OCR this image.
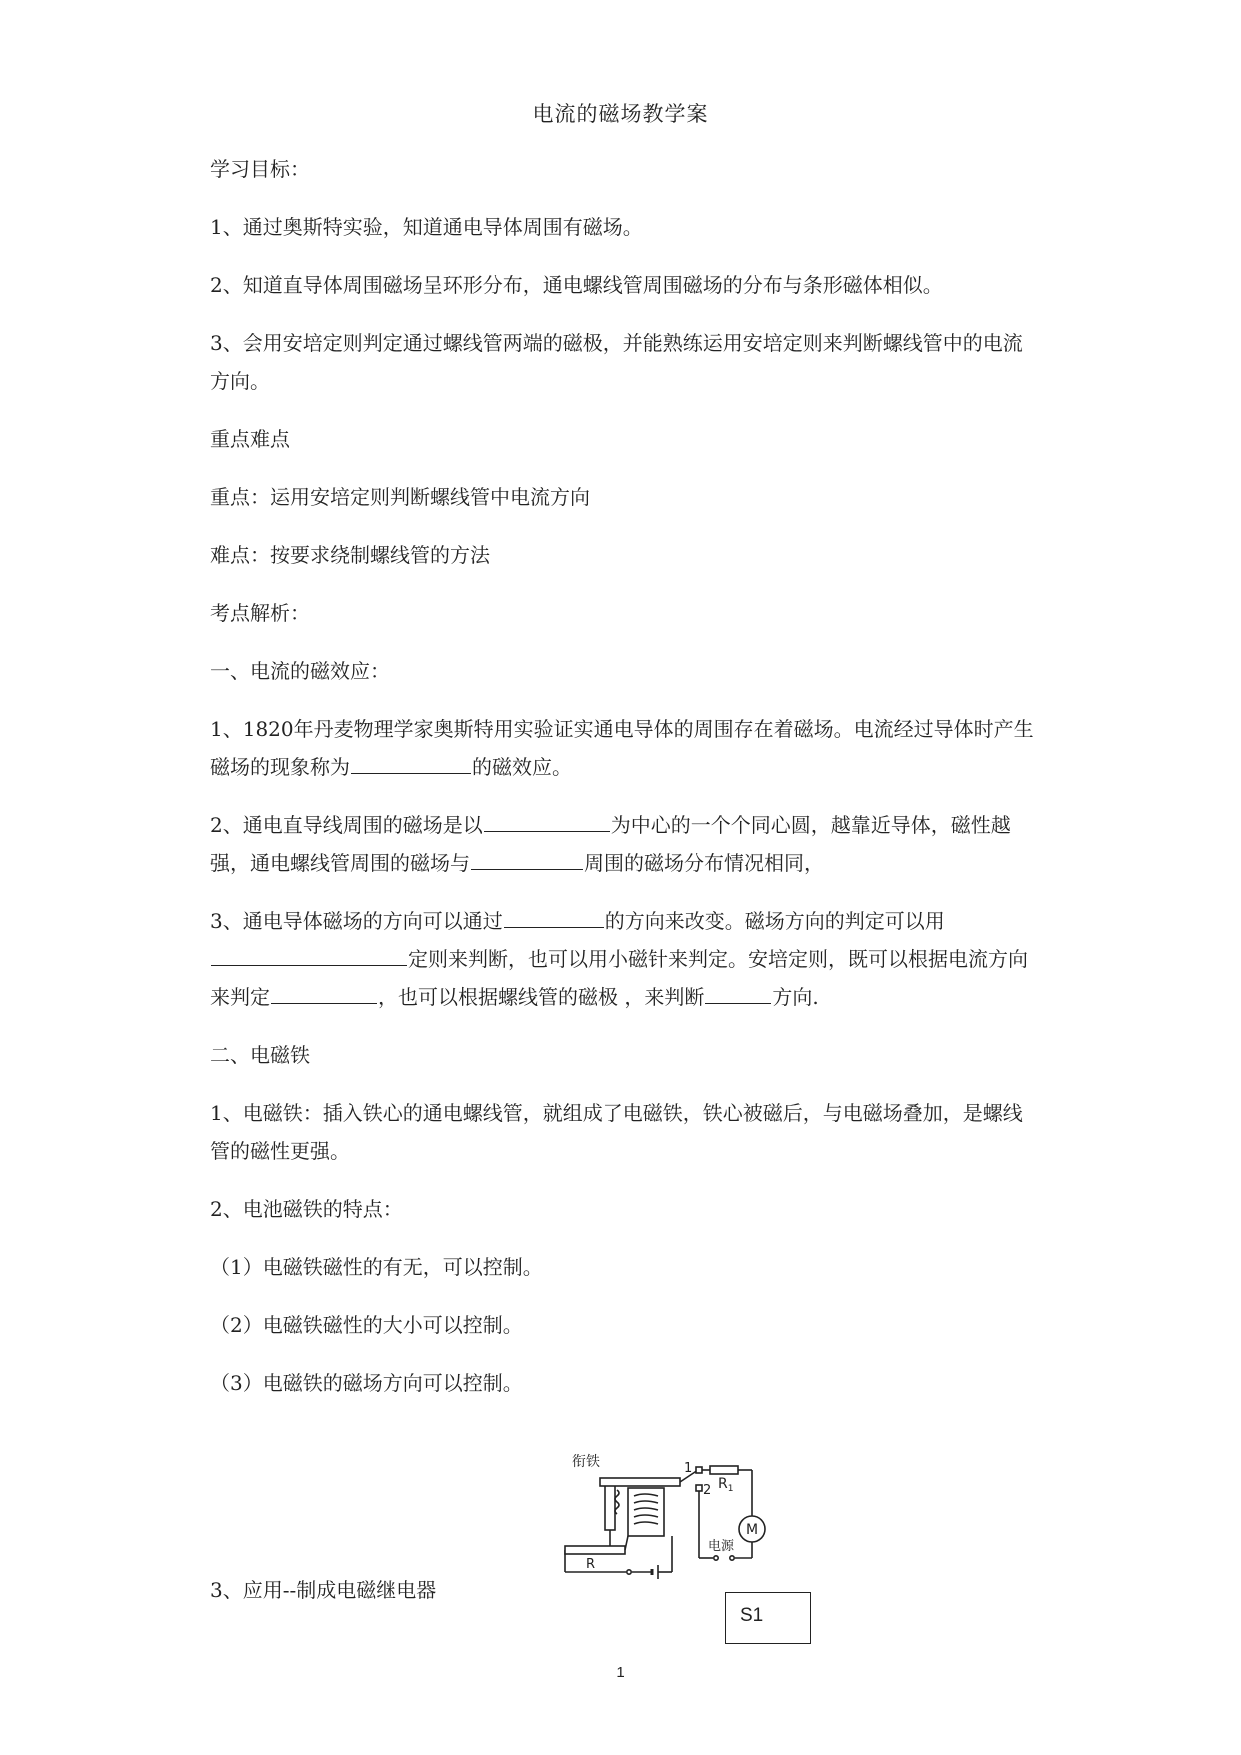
电流的磁场教学案

学习目标：

1、通过奥斯特实验，知道通电导体周围有磁场。

2、知道直导体周围磁场呈环形分布，通电螺线管周围磁场的分布与条形磁体相似。

3、会用安培定则判定通过螺线管两端的磁极，并能熟练运用安培定则来判断螺线管中的电流方向。

重点难点

重点：运用安培定则判断螺线管中电流方向

难点：按要求绕制螺线管的方法

考点解析：

一、电流的磁效应：

1、1820年丹麦物理学家奥斯特用实验证实通电导体的周围存在着磁场。电流经过导体时产生磁场的现象称为	的磁效应。

2、通电直导线周围的磁场是以	为中心的一个个同心圆，越靠近导体，磁性越强，通电螺线管周围的磁场与	周围的磁场分布情况相同，

3、通电导体磁场的方向可以通过	的方向来改变。磁场方向的判定可以用定则来判断，也可以用小磁针来判定。安培定则，既可以根据电流方向来判定	，也可以根据螺线管的磁极 ，来判断	方向.

二、电磁铁

1、电磁铁：插入铁心的通电螺线管，就组成了电磁铁，铁心被磁后，与电磁场叠加，是螺线管的磁性更强。

2、电池磁铁的特点：

（1）电磁铁磁性的有无，可以控制。

（2）电磁铁磁性的大小可以控制。

（3）电磁铁的磁场方向可以控制。

3、应用--制成电磁继电器
衔铁	1
2 $R_1$
M
电源
R
S1
1
